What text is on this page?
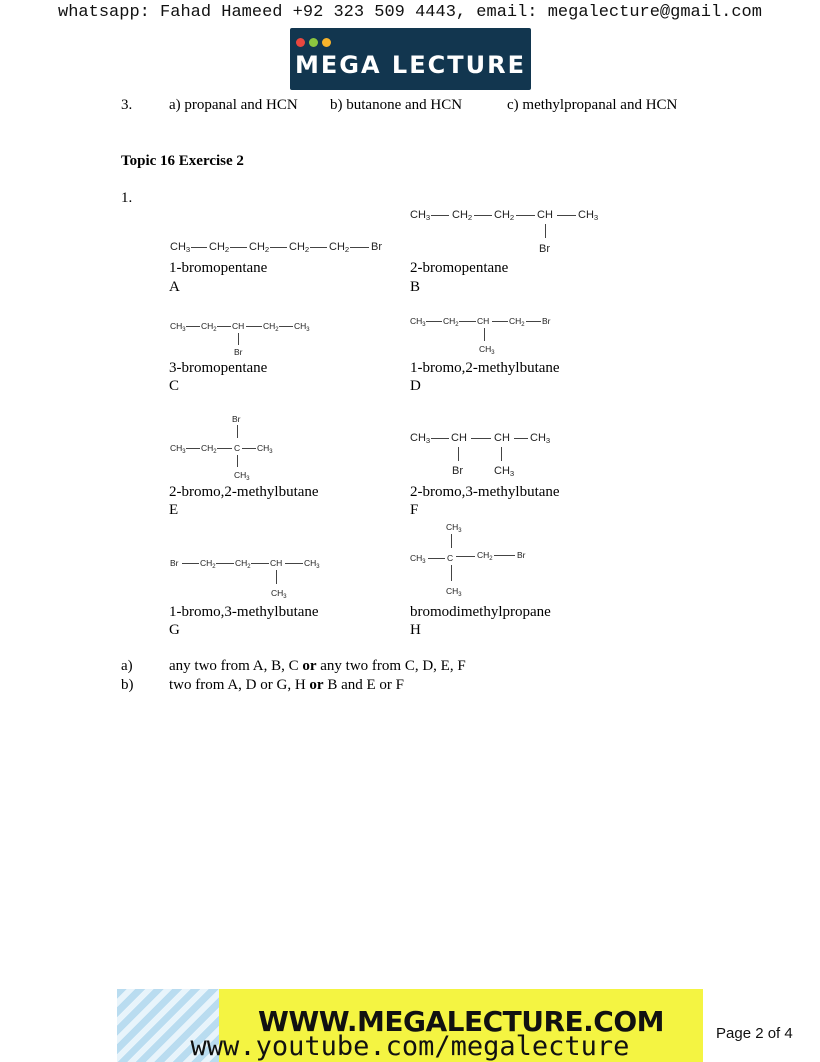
whatsapp: Fahad Hameed +92 323 509 4443, email: megalecture@gmail.com
MEGA LECTURE
3. a) propanal and HCN b) butanone and HCN	c) methylpropanal and HCN
Topic 16 Exercise 2
1.
$CH_3$ $CH_2$ $CH_2$ $CH_2$ $CH_2$ Br
1-bromopentane
A
$CH_3$ $CH_2$ $CH_2$ CH $CH_3$
Br
2-bromopentane
B
$CH_3$ $CH_2$ CH $CH_2$ $CH_3$
Br
3-bromopentane
C
$CH_3$ $CH_2$ CH $CH_2$ Br
$CH_3$
1-bromo,2-methylbutane
D
Br
$CH_3$ $CH_2$ C $CH_3$
$CH_3$
2-bromo,2-methylbutane
E
$CH_3$ CH CH $CH_3$
Br	$CH_3$
2-bromo,3-methylbutane
F
Br	$CH_2$ $CH_2$ CH	$CH_3$
$CH_3$
1-bromo,3-methylbutane
G
$CH_3$
$CH_3$	C	$CH_2$	Br
$CH_3$
bromodimethylpropane
H
a) any two from A, B, C or any two from C, D, E, F
b) two from A, D or G, H or B and E or F
WWW.MEGALECTURE.COM
www.youtube.com/megalecture	Page 2 of 4
